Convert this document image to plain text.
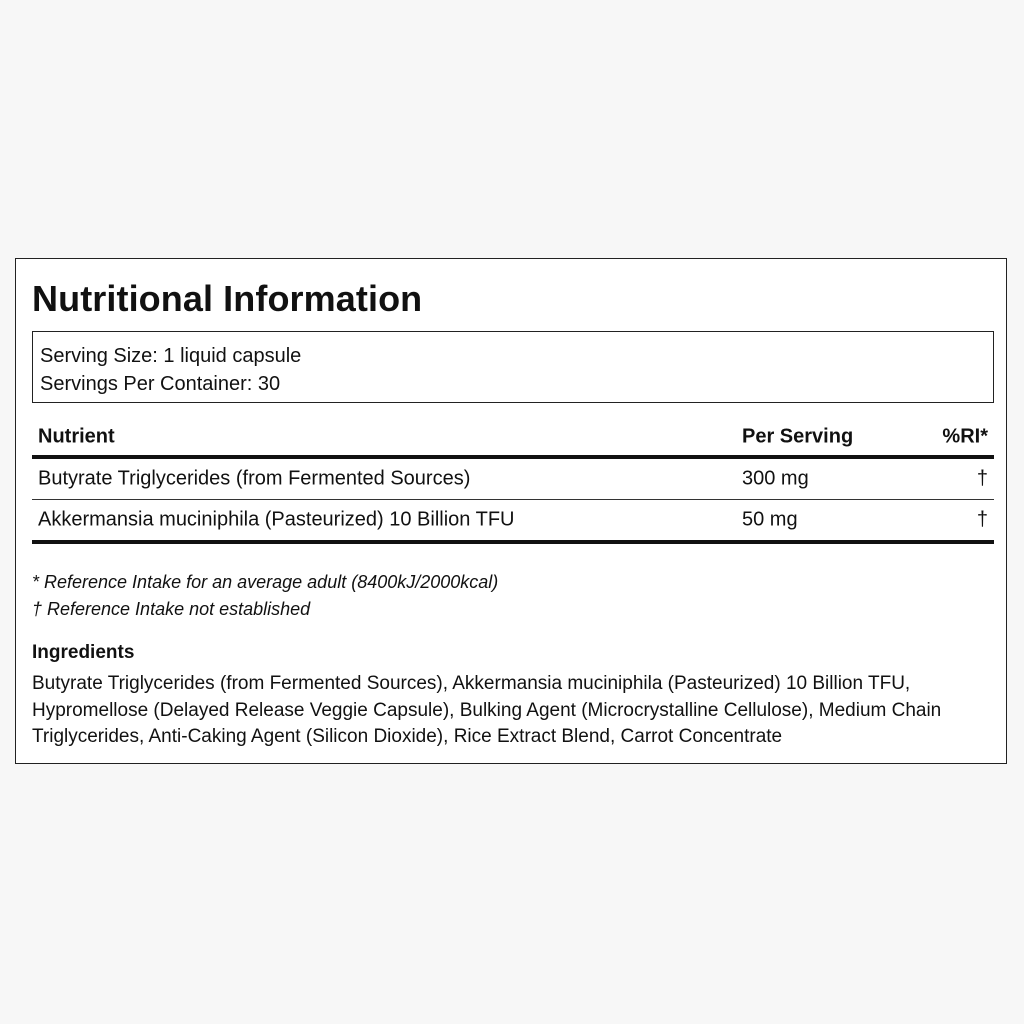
Nutritional Information
Serving Size: 1 liquid capsule
Servings Per Container: 30
Nutrient	Per Serving	%RI*
Butyrate Triglycerides (from Fermented Sources)	300 mg	†
Akkermansia muciniphila (Pasteurized) 10 Billion TFU	50 mg	†
* Reference Intake for an average adult (8400kJ/2000kcal)
† Reference Intake not established
Ingredients

Butyrate Triglycerides (from Fermented Sources), Akkermansia muciniphila (Pasteurized) 10 Billion TFU, Hypromellose (Delayed Release Veggie Capsule), Bulking Agent (Microcrystalline Cellulose), Medium Chain Triglycerides, Anti-Caking Agent (Silicon Dioxide), Rice Extract Blend, Carrot Concentrate
